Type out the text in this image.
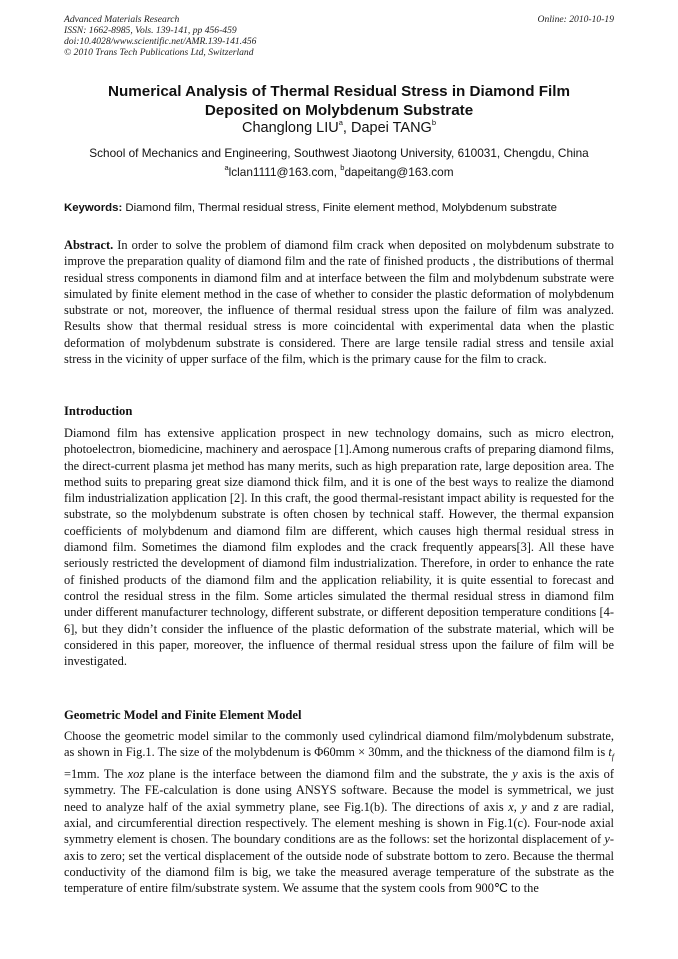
Advanced Materials Research
ISSN: 1662-8985, Vols. 139-141, pp 456-459
doi:10.4028/www.scientific.net/AMR.139-141.456
© 2010 Trans Tech Publications Ltd, Switzerland
Online: 2010-10-19
Numerical Analysis of Thermal Residual Stress in Diamond Film
Deposited on Molybdenum Substrate
Changlong LIU$^a$, Dapei TANG$^b$
School of Mechanics and Engineering, Southwest Jiaotong University, 610031, Chengdu, China
$^a$lclan1111@163.com, $^b$dapeitang@163.com
Keywords: Diamond film, Thermal residual stress, Finite element method, Molybdenum substrate
Abstract. In order to solve the problem of diamond film crack when deposited on molybdenum substrate to improve the preparation quality of diamond film and the rate of finished products , the distributions of thermal residual stress components in diamond film and at interface between the film and molybdenum substrate were simulated by finite element method in the case of whether to consider the plastic deformation of molybdenum substrate or not, moreover, the influence of thermal residual stress upon the failure of film was analyzed. Results show that thermal residual stress is more coincidental with experimental data when the plastic deformation of molybdenum substrate is considered. There are large tensile radial stress and tensile axial stress in the vicinity of upper surface of the film, which is the primary cause for the film to crack.
Introduction
Diamond film has extensive application prospect in new technology domains, such as micro electron, photoelectron, biomedicine, machinery and aerospace [1].Among numerous crafts of preparing diamond films, the direct-current plasma jet method has many merits, such as high preparation rate, large deposition area. The method suits to preparing great size diamond thick film, and it is one of the best ways to realize the diamond film industrialization application [2]. In this craft, the good thermal-resistant impact ability is requested for the substrate, so the molybdenum substrate is often chosen by technical staff. However, the thermal expansion coefficients of molybdenum and diamond film are different, which causes high thermal residual stress in diamond film. Sometimes the diamond film explodes and the crack frequently appears[3]. All these have seriously restricted the development of diamond film industrialization. Therefore, in order to enhance the rate of finished products of the diamond film and the application reliability, it is quite essential to forecast and control the residual stress in the film. Some articles simulated the thermal residual stress in diamond film under different manufacturer technology, different substrate, or different deposition temperature conditions [4-6], but they didn’t consider the influence of the plastic deformation of the substrate material, which will be considered in this paper, moreover, the influence of thermal residual stress upon the failure of film will be investigated.
Geometric Model and Finite Element Model
Choose the geometric model similar to the commonly used cylindrical diamond film/molybdenum substrate, as shown in Fig.1. The size of the molybdenum is Φ60mm × 30mm, and the thickness of the diamond film is $t_f =1mm$. The xoz plane is the interface between the diamond film and the substrate, the y axis is the axis of symmetry. The FE-calculation is done using ANSYS software. Because the model is symmetrical, we just need to analyze half of the axial symmetry plane, see Fig.1(b). The directions of axis x, y and z are radial, axial, and circumferential direction respectively. The element meshing is shown in Fig.1(c). Four-node axial symmetry element is chosen. The boundary conditions are as the follows: set the horizontal displacement of y-axis to zero; set the vertical displacement of the outside node of substrate bottom to zero. Because the thermal conductivity of the diamond film is big, we take the measured average temperature of the substrate as the temperature of entire film/substrate system. We assume that the system cools from 900℃ to the
